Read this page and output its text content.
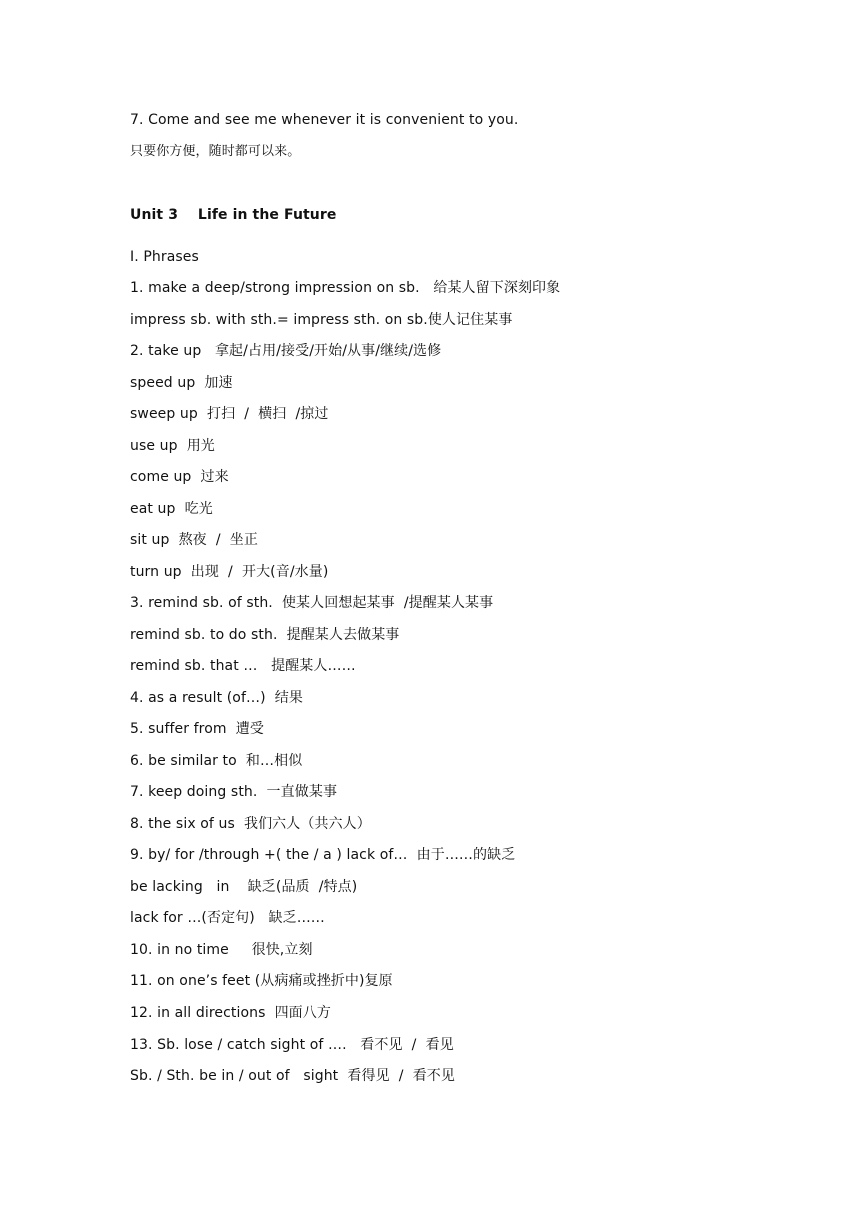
7. Come and see me whenever it is convenient to you.
只要你方便，随时都可以来。
Unit 3    Life in the Future
I. Phrases
1. make a deep/strong impression on sb.   给某人留下深刻印象
impress sb. with sth.= impress sth. on sb.使人记住某事
2. take up   拿起/占用/接受/开始/从事/继续/选修
speed up  加速
sweep up  打扫  /  横扫  /掠过
use up  用光
come up  过来
eat up  吃光
sit up  熬夜  /  坐正
turn up  出现  /  开大(音/水量)
3. remind sb. of sth.  使某人回想起某事  /提醒某人某事
remind sb. to do sth.  提醒某人去做某事
remind sb. that …   提醒某人……
4. as a result (of…)  结果
5. suffer from  遭受
6. be similar to  和…相似
7. keep doing sth.  一直做某事
8. the six of us  我们六人（共六人）
9. by/ for /through +( the / a ) lack of…  由于……的缺乏
be lacking   in    缺乏(品质  /特点)
lack for …(否定句)   缺乏……
10. in no time     很快,立刻
11. on one’s feet (从病痛或挫折中)复原
12. in all directions  四面八方
13. Sb. lose / catch sight of ….   看不见  /  看见
Sb. / Sth. be in / out of   sight  看得见  /  看不见
